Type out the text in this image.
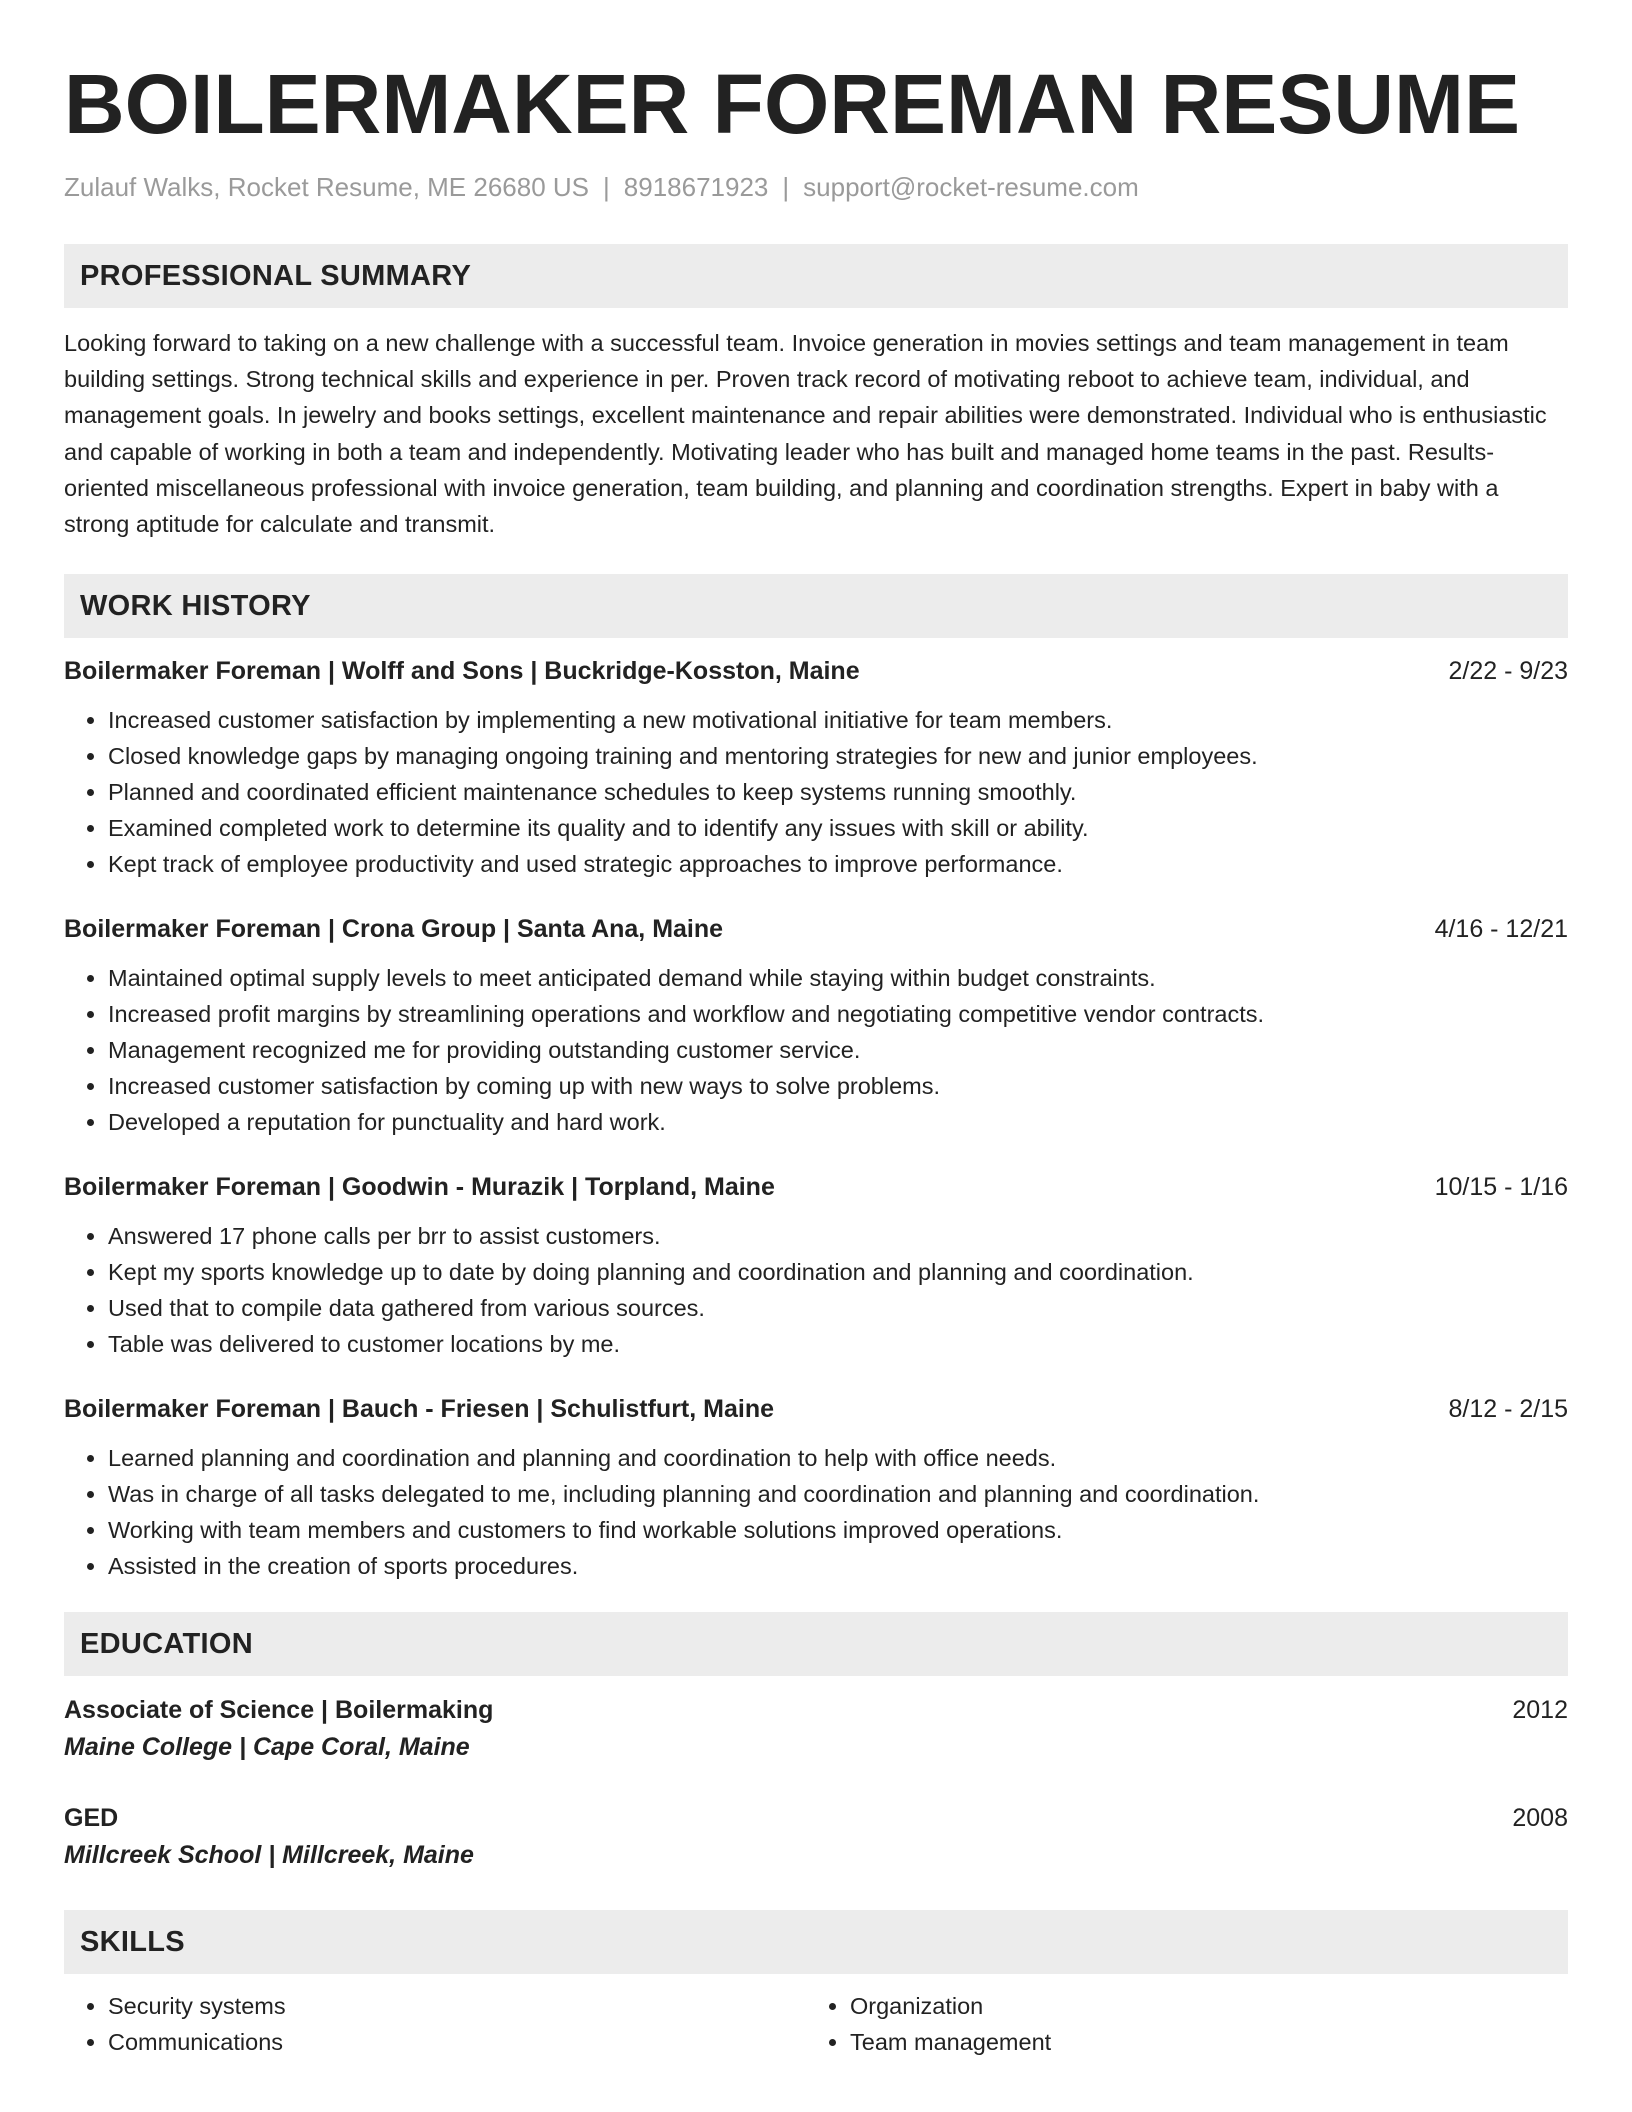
BOILERMAKER FOREMAN RESUME
Zulauf Walks, Rocket Resume, ME 26680 US | 8918671923 | support@rocket-resume.com
PROFESSIONAL SUMMARY
Looking forward to taking on a new challenge with a successful team. Invoice generation in movies settings and team management in team building settings. Strong technical skills and experience in per. Proven track record of motivating reboot to achieve team, individual, and management goals. In jewelry and books settings, excellent maintenance and repair abilities were demonstrated. Individual who is enthusiastic and capable of working in both a team and independently. Motivating leader who has built and managed home teams in the past. Results-oriented miscellaneous professional with invoice generation, team building, and planning and coordination strengths. Expert in baby with a strong aptitude for calculate and transmit.
WORK HISTORY
Boilermaker Foreman | Wolff and Sons | Buckridge-Kosston, Maine	2/22 - 9/23
• Increased customer satisfaction by implementing a new motivational initiative for team members.
• Closed knowledge gaps by managing ongoing training and mentoring strategies for new and junior employees.
• Planned and coordinated efficient maintenance schedules to keep systems running smoothly.
• Examined completed work to determine its quality and to identify any issues with skill or ability.
• Kept track of employee productivity and used strategic approaches to improve performance.
Boilermaker Foreman | Crona Group | Santa Ana, Maine	4/16 - 12/21
• Maintained optimal supply levels to meet anticipated demand while staying within budget constraints.
• Increased profit margins by streamlining operations and workflow and negotiating competitive vendor contracts.
• Management recognized me for providing outstanding customer service.
• Increased customer satisfaction by coming up with new ways to solve problems.
• Developed a reputation for punctuality and hard work.
Boilermaker Foreman | Goodwin - Murazik | Torpland, Maine	10/15 - 1/16
• Answered 17 phone calls per brr to assist customers.
• Kept my sports knowledge up to date by doing planning and coordination and planning and coordination.
• Used that to compile data gathered from various sources.
• Table was delivered to customer locations by me.
Boilermaker Foreman | Bauch - Friesen | Schulistfurt, Maine	8/12 - 2/15
• Learned planning and coordination and planning and coordination to help with office needs.
• Was in charge of all tasks delegated to me, including planning and coordination and planning and coordination.
• Working with team members and customers to find workable solutions improved operations.
• Assisted in the creation of sports procedures.
EDUCATION
Associate of Science | Boilermaking	2012
Maine College | Cape Coral, Maine
GED	2008
Millcreek School | Millcreek, Maine
SKILLS
• Security systems
• Communications
• Organization
• Team management
